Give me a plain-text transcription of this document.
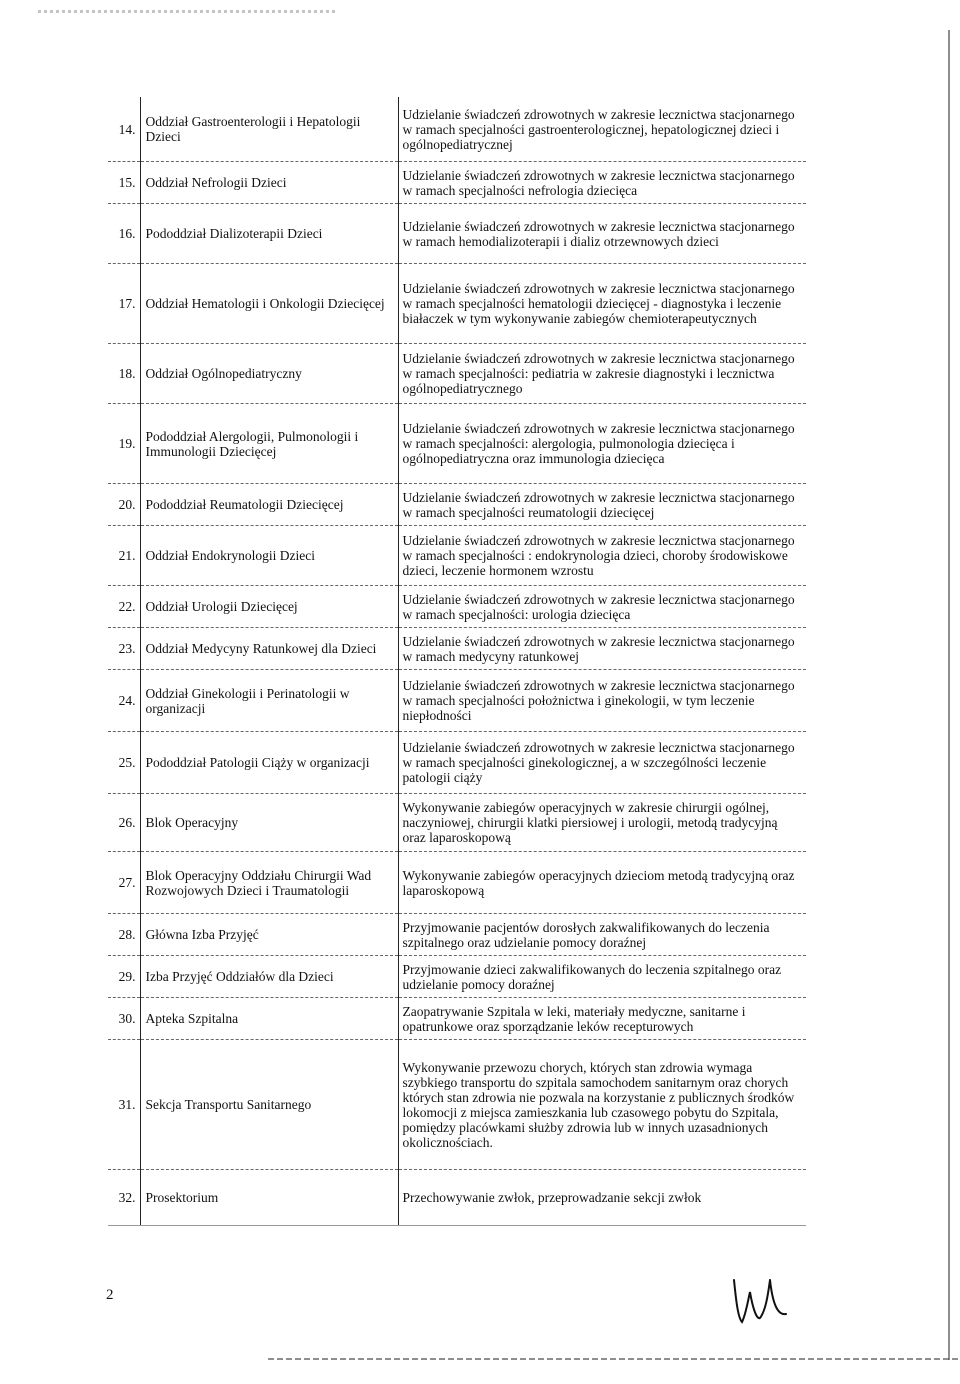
14.	Oddział Gastroenterologii i Hepatologii Dzieci	Udzielanie świadczeń zdrowotnych w zakresie lecznictwa stacjonarnego w ramach specjalności gastroenterologicznej, hepatologicznej dzieci i ogólnopediatrycznej
15.	Oddział Nefrologii Dzieci	Udzielanie świadczeń zdrowotnych w zakresie lecznictwa stacjonarnego w ramach specjalności nefrologia dziecięca
16.	Pododdział Dializoterapii Dzieci	Udzielanie świadczeń zdrowotnych w zakresie lecznictwa stacjonarnego w ramach hemodializoterapii i dializ otrzewnowych dzieci
17.	Oddział Hematologii i Onkologii Dziecięcej	Udzielanie świadczeń zdrowotnych w zakresie lecznictwa stacjonarnego w ramach specjalności hematologii dziecięcej - diagnostyka i leczenie białaczek w tym wykonywanie zabiegów chemioterapeutycznych
18.	Oddział Ogólnopediatryczny	Udzielanie świadczeń zdrowotnych w zakresie lecznictwa stacjonarnego w ramach specjalności: pediatria w zakresie diagnostyki i lecznictwa ogólnopediatrycznego
19.	Pododdział Alergologii, Pulmonologii i Immunologii Dziecięcej	Udzielanie świadczeń zdrowotnych w zakresie lecznictwa stacjonarnego w ramach specjalności: alergologia, pulmonologia dziecięca i ogólnopediatryczna oraz immunologia dziecięca
20.	Pododdział Reumatologii Dziecięcej	Udzielanie świadczeń zdrowotnych w zakresie lecznictwa stacjonarnego w ramach specjalności reumatologii dziecięcej
21.	Oddział Endokrynologii Dzieci	Udzielanie świadczeń zdrowotnych w zakresie lecznictwa stacjonarnego w ramach specjalności : endokrynologia dzieci, choroby środowiskowe dzieci, leczenie hormonem wzrostu
22.	Oddział Urologii Dziecięcej	Udzielanie świadczeń zdrowotnych w zakresie lecznictwa stacjonarnego w ramach specjalności: urologia dziecięca
23.	Oddział Medycyny Ratunkowej dla Dzieci	Udzielanie świadczeń zdrowotnych w zakresie lecznictwa stacjonarnego w ramach medycyny ratunkowej
24.	Oddział Ginekologii i Perinatologii w organizacji	Udzielanie świadczeń zdrowotnych w zakresie lecznictwa stacjonarnego w ramach specjalności położnictwa i ginekologii, w tym leczenie niepłodności
25.	Pododdział Patologii Ciąży w organizacji	Udzielanie świadczeń zdrowotnych w zakresie lecznictwa stacjonarnego w ramach specjalności ginekologicznej, a w szczególności leczenie patologii ciąży
26.	Blok Operacyjny	Wykonywanie zabiegów operacyjnych w zakresie chirurgii ogólnej, naczyniowej, chirurgii klatki piersiowej i urologii, metodą tradycyjną oraz laparoskopową
27.	Blok Operacyjny Oddziału Chirurgii Wad Rozwojowych Dzieci i Traumatologii	Wykonywanie zabiegów operacyjnych dzieciom metodą tradycyjną oraz laparoskopową
28.	Główna Izba Przyjęć	Przyjmowanie pacjentów dorosłych zakwalifikowanych do leczenia szpitalnego oraz udzielanie pomocy doraźnej
29.	Izba Przyjęć Oddziałów dla Dzieci	Przyjmowanie dzieci zakwalifikowanych do leczenia szpitalnego oraz udzielanie pomocy doraźnej
30.	Apteka Szpitalna	Zaopatrywanie Szpitala w leki, materiały medyczne, sanitarne i opatrunkowe oraz sporządzanie leków recepturowych
31.	Sekcja Transportu Sanitarnego	Wykonywanie przewozu chorych, których stan zdrowia wymaga szybkiego transportu do szpitala samochodem sanitarnym oraz chorych których stan zdrowia nie pozwala na korzystanie z publicznych środków lokomocji z miejsca zamieszkania lub czasowego pobytu do Szpitala, pomiędzy placówkami służby zdrowia lub w innych uzasadnionych okolicznościach.
32.	Prosektorium	Przechowywanie zwłok, przeprowadzanie sekcji zwłok
2
